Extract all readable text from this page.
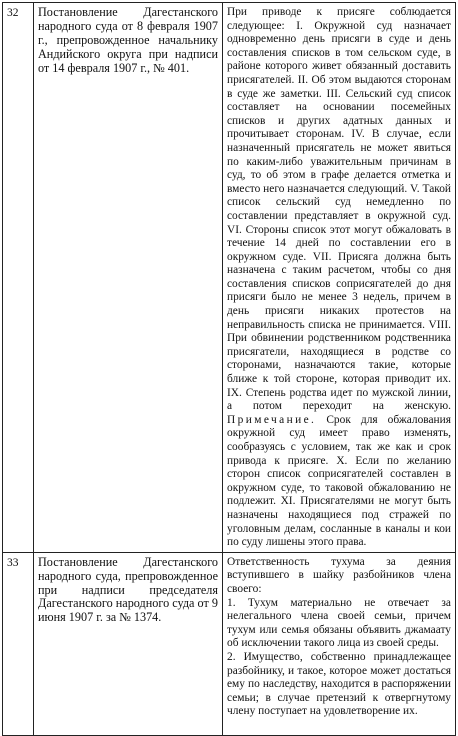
32	Постановление Дагестанского народного суда от 8 февраля 1907 г., препровожденное начальнику Андийского округа при надписи от 14 февраля 1907 г., № 401.	При приводе к присяге соблюдается следующее: I. Окружной суд назначает одновременно день присяги в суде и день составления списков в том сельском суде, в районе которого живет обязанный доставить присягателей. II. Об этом выдаются сторонам в суде же заметки. III. Сельский суд список составляет на основании посемейных списков и других адатных данных и прочитывает сторонам. IV. В случае, если назначенный присягатель не может явиться по каким-либо уважительным причинам в суд, то об этом в графе делается отметка и вместо него назначается следующий. V. Такой список сельский суд немедленно по составлении представляет в окружной суд. VI. Стороны список этот могут обжаловать в течение 14 дней по составлении его в окружном суде. VII. Присяга должна быть назначена с таким расчетом, чтобы со дня составления списков соприсягателей до дня присяги было не менее 3 недель, причем в день присяги никаких протестов на неправильность списка не принимается. VIII. При обвинении родственником родственника присягатели, находящиеся в родстве со сторонами, назначаются такие, которые ближе к той стороне, которая приводит их. IX. Степень родства идет по мужской линии, а потом переходит на женскую. Примечание. Срок для обжалования окружной суд имеет право изменять, сообразуясь с условием, так же как и срок привода к присяге. X. Если по желанию сторон список соприсягателей составлен в окружном суде, то таковой обжалованию не подлежит. XI. Присягателями не могут быть назначены находящиеся под стражей по уголовным делам, сосланные в каналы и кои по суду лишены этого права.
33	Постановление Дагестанского народного суда, препровожденное при надписи председателя Дагестанского народного суда от 9 июня 1907 г. за № 1374.	Ответственность тухума за деяния вступившего в шайку разбойников члена своего:

1. Тухум материально не отвечает за нелегального члена своей семьи, причем тухум или семья обязаны объявить джамаату об исключении такого лица из своей среды.

2. Имущество, собственно принадлежащее разбойнику, и такое, которое может достаться ему по наследству, находится в распоряжении семьи; в случае претензий к отвергнутому члену поступает на удовлетворение их.
